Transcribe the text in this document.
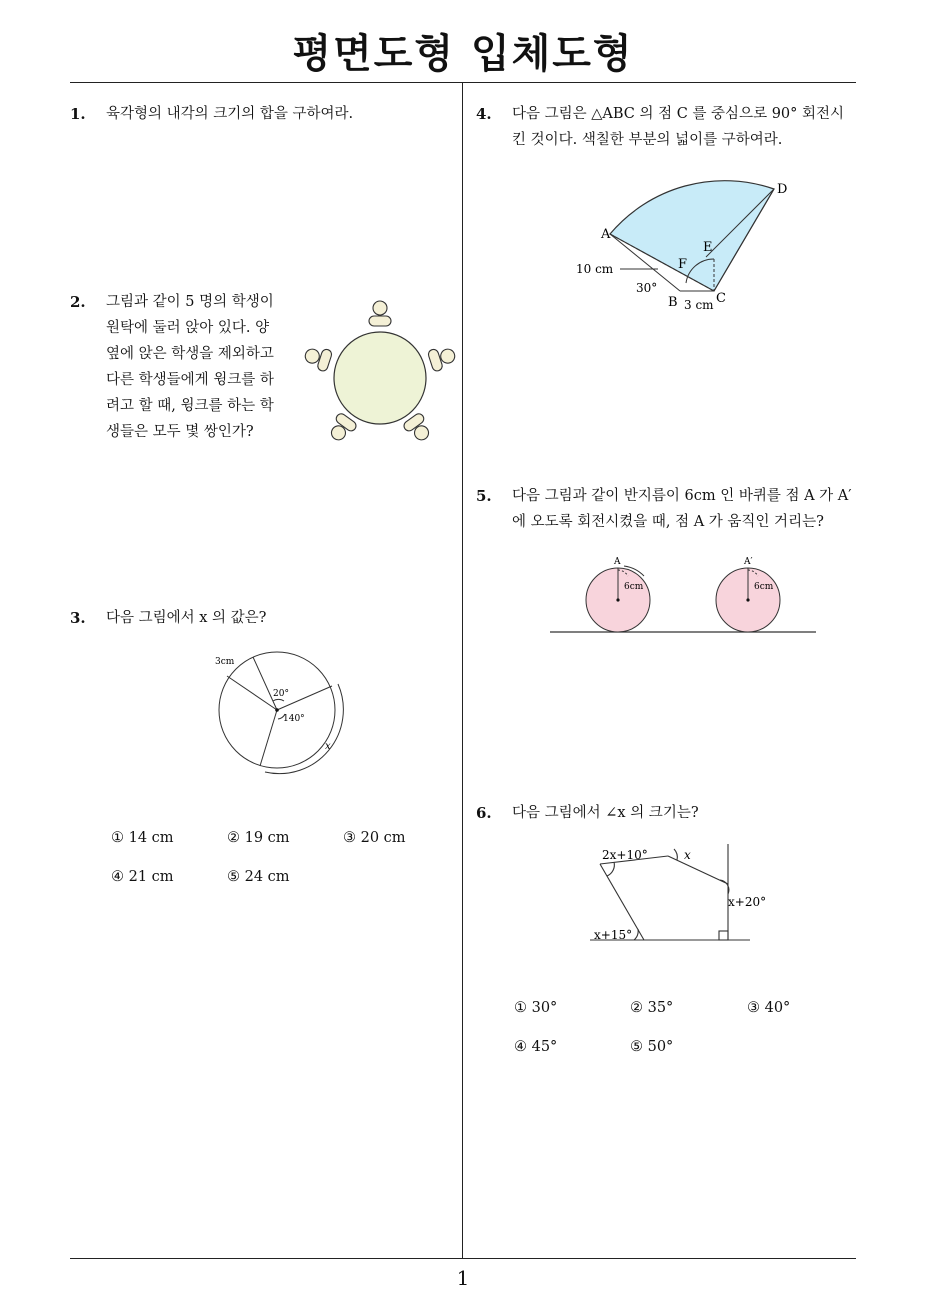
평면도형 입체도형
1
1. 육각형의 내각의 크기의 합을 구하여라.
2. 그림과 같이 5 명의 학생이
원탁에 둘러 앉아 있다. 양
옆에 앉은 학생을 제외하고
다른 학생들에게 윙크를 하
려고 할 때, 윙크를 하는 학
생들은 모두 몇 쌍인가?
3. 다음 그림에서 x 의 값은?
3cm
20°
140°
x
① 14 cm	② 19 cm	③ 20 cm
④ 21 cm	⑤ 24 cm
4. 다음 그림은 △ABC 의 점 C 를 중심으로 90° 회전시
킨 것이다. 색칠한 부분의 넓이를 구하여라.
A
D
E
F
B	C
10 cm
30°
3 cm
5. 다음 그림과 같이 반지름이 6cm 인 바퀴를 점 A 가 A′
에 오도록 회전시켰을 때, 점 A 가 움직인 거리는?
A	A′
6cm	6cm
6. 다음 그림에서 ∠x 의 크기는?
2x+10°	x
x+20°
x+15°
① 30°	② 35°	③ 40°
④ 45°	⑤ 50°
